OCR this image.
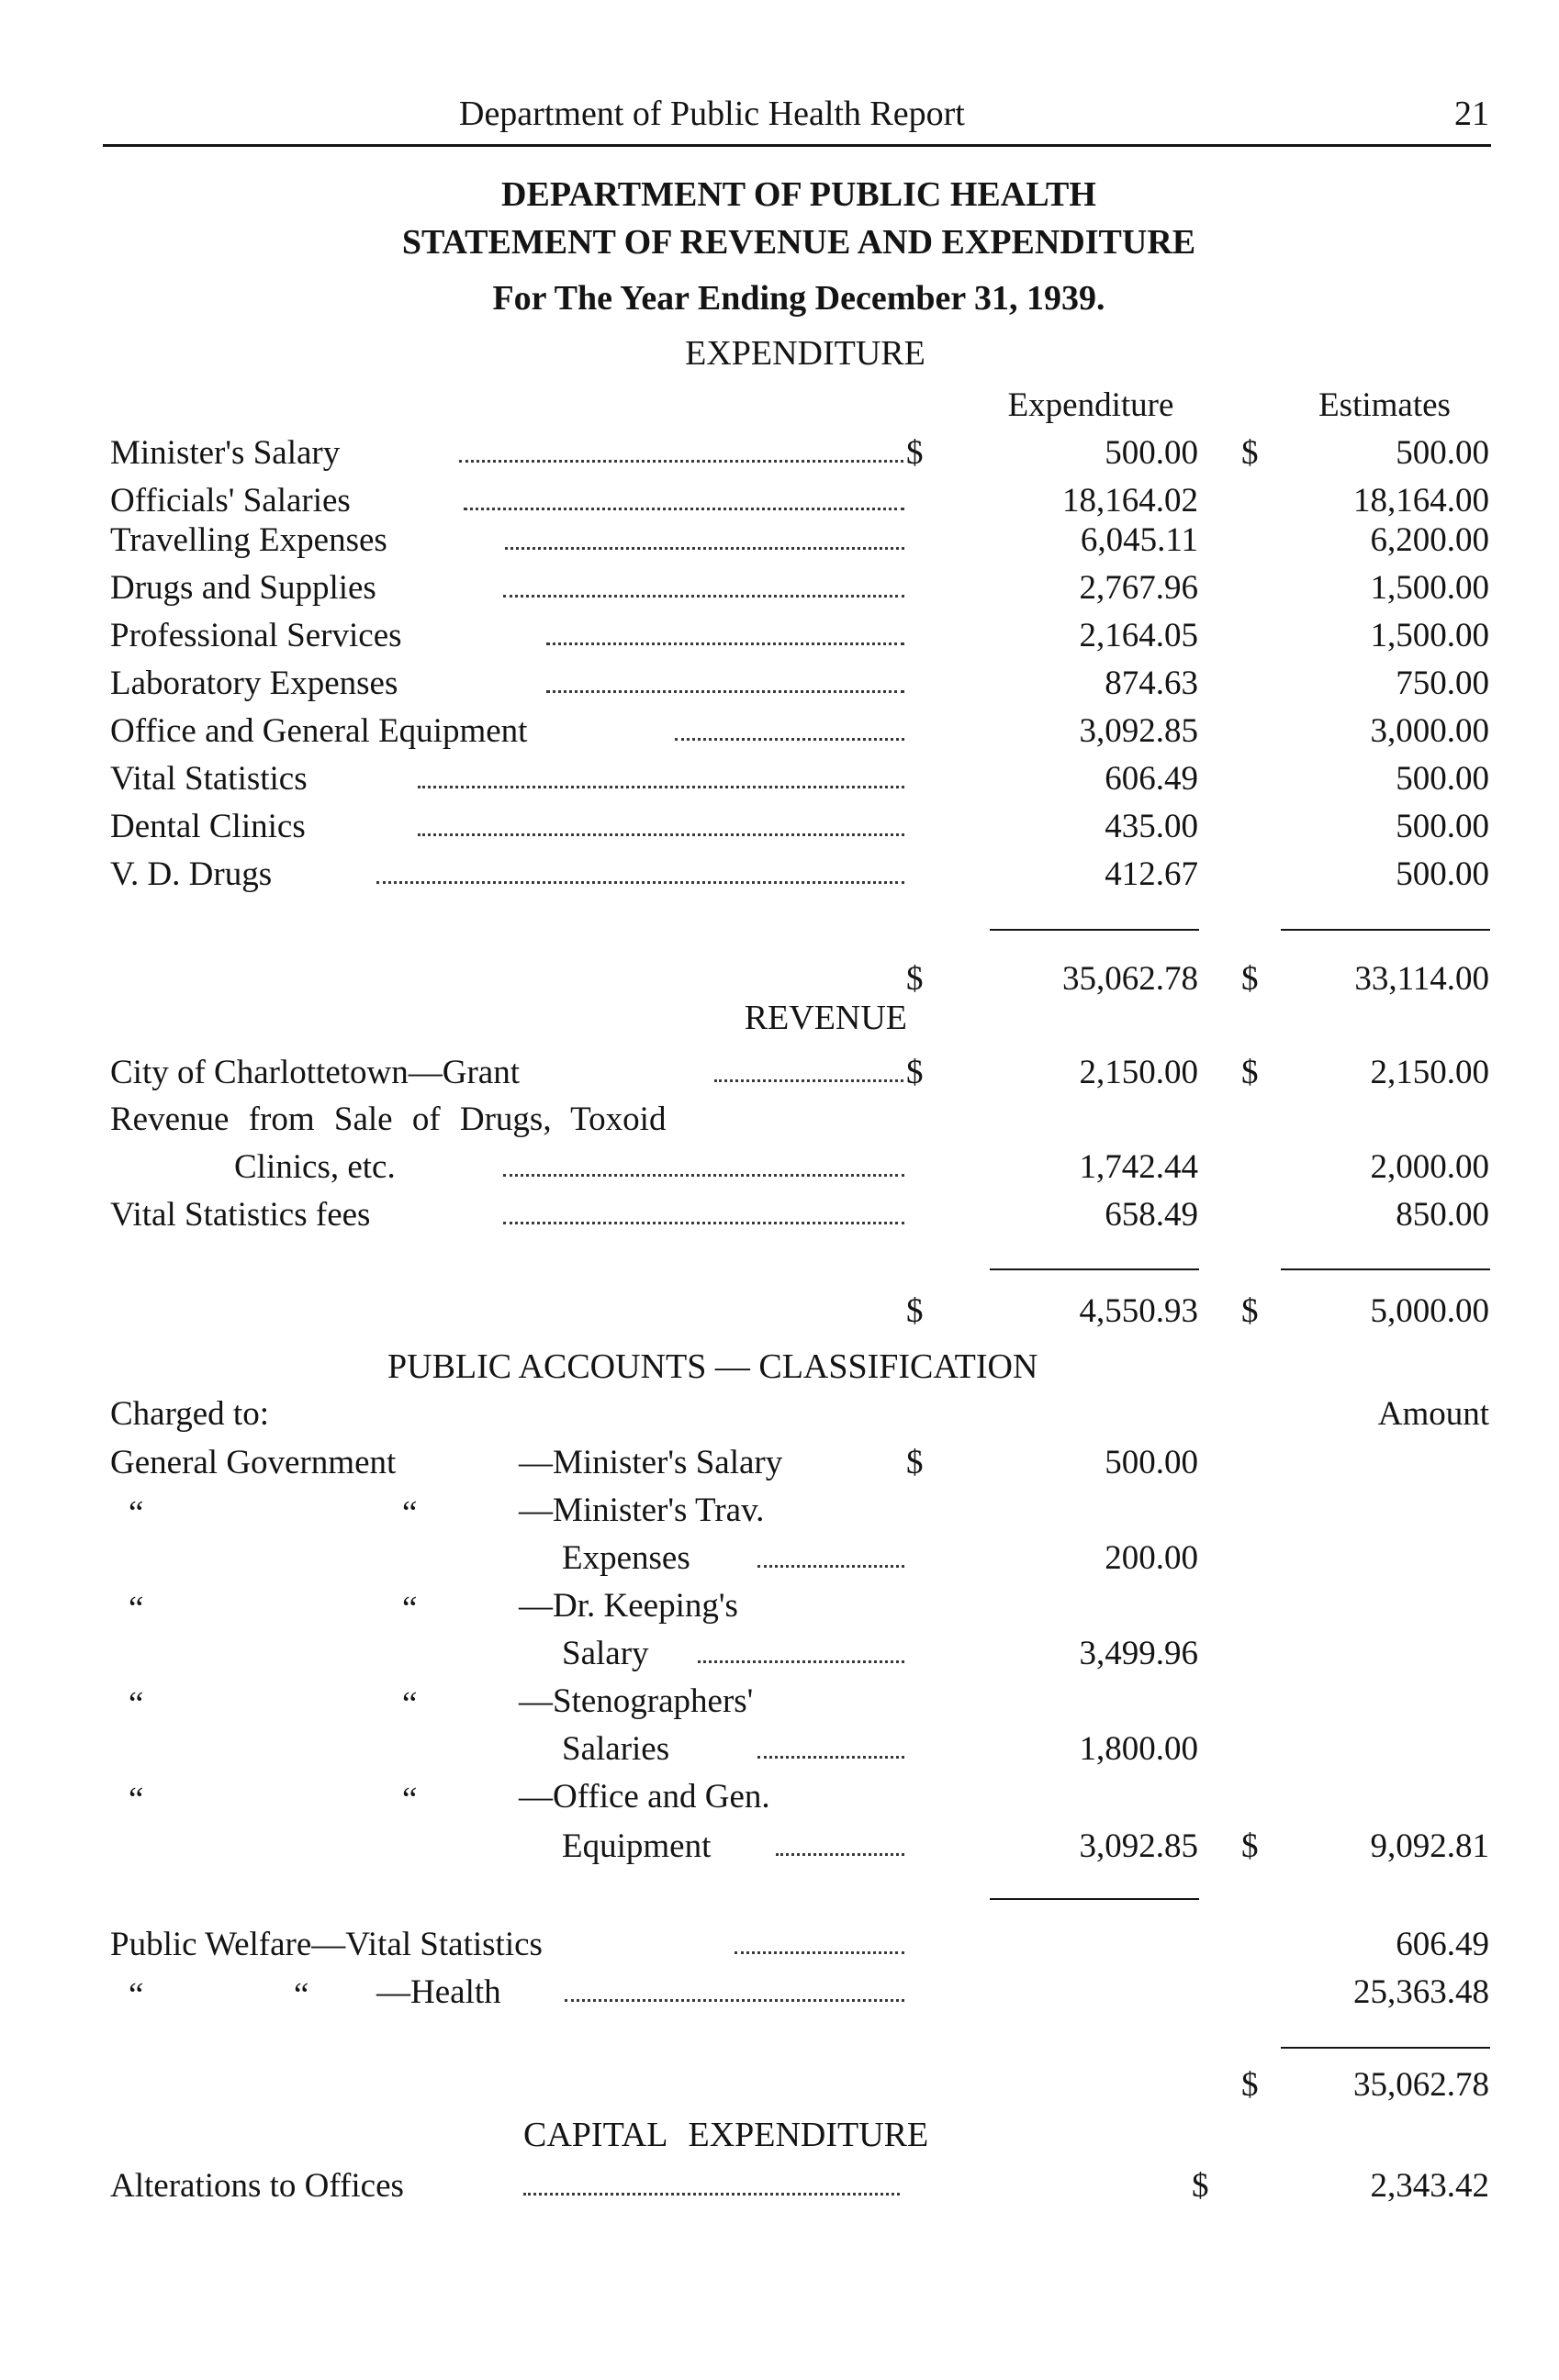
Department of Public Health Report	21
DEPARTMENT OF PUBLIC HEALTH
STATEMENT OF REVENUE AND EXPENDITURE
For The Year Ending December 31, 1939.
EXPENDITURE
Expenditure	Estimates
Minister's Salary	$	500.00 $	500.00
Officials' Salaries	18,164.02	18,164.00
Travelling Expenses	6,045.11	6,200.00
Drugs and Supplies	2,767.96	1,500.00
Professional Services	2,164.05	1,500.00
Laboratory Expenses	874.63	750.00
Office and General Equipment	3,092.85	3,000.00
Vital Statistics	606.49	500.00
Dental Clinics	435.00	500.00
V. D. Drugs	412.67	500.00
$	35,062.78 $	33,114.00
REVENUE
City of Charlottetown—Grant	$	2,150.00 $	2,150.00
Revenue from Sale of Drugs, Toxoid
Clinics, etc.	1,742.44	2,000.00
Vital Statistics fees	658.49	850.00
$	4,550.93 $	5,000.00
PUBLIC ACCOUNTS — CLASSIFICATION
Charged to:	Amount
General Government	—Minister's Salary	$	500.00
“	“	—Minister's Trav.
Expenses	200.00
“	“	—Dr. Keeping's
Salary	3,499.96
“	“	—Stenographers'
Salaries	1,800.00
“	“	—Office and Gen.
Equipment	3,092.85 $	9,092.81
Public Welfare—Vital Statistics	606.49
“	“ —Health	25,363.48
$	35,062.78
CAPITAL EXPENDITURE
Alterations to Offices	$	2,343.42
